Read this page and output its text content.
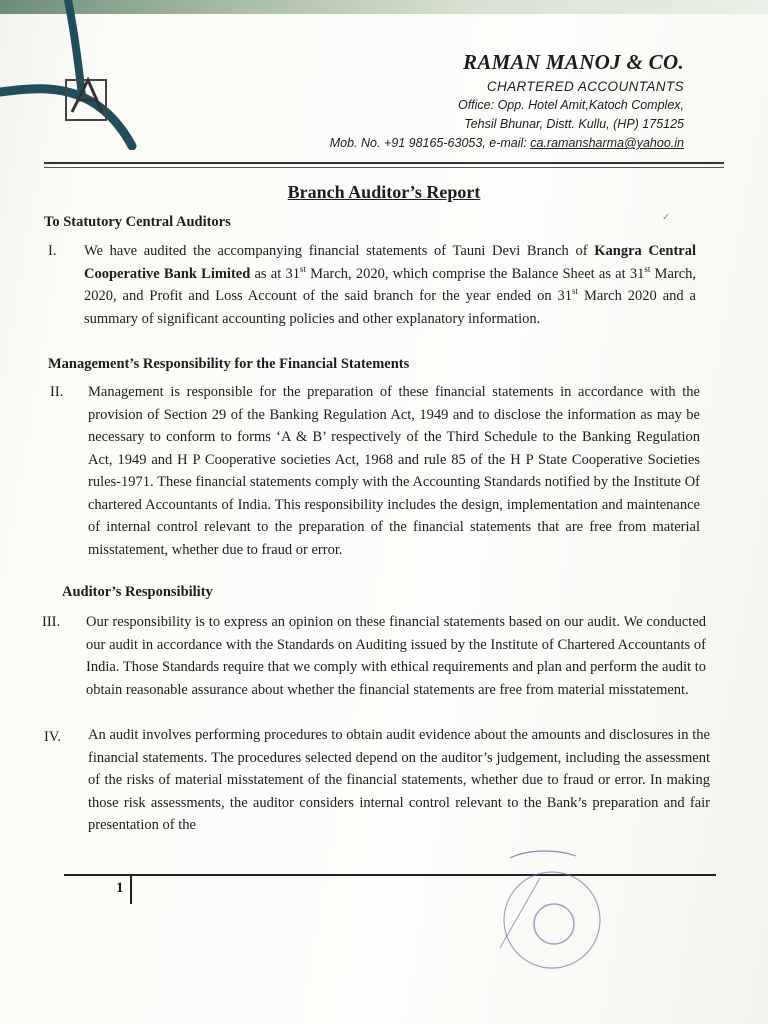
RAMAN MANOJ & CO.
CHARTERED ACCOUNTANTS
Office: Opp. Hotel Amit,Katoch Complex,
Tehsil Bhunar, Distt. Kullu, (HP) 175125
Mob. No. +91 98165-63053, e-mail: ca.ramansharma@yahoo.in
Branch Auditor’s Report
To Statutory Central Auditors	✓
I. We have audited the accompanying financial statements of Tauni Devi Branch of Kangra Central Cooperative Bank Limited as at 31st March, 2020, which comprise the Balance Sheet as at 31st March, 2020, and Profit and Loss Account of the said branch for the year ended on 31st March 2020 and a summary of significant accounting policies and other explanatory information.
Management’s Responsibility for the Financial Statements
II. Management is responsible for the preparation of these financial statements in accordance with the provision of Section 29 of the Banking Regulation Act, 1949 and to disclose the information as may be necessary to conform to forms ‘A & B’ respectively of the Third Schedule to the Banking Regulation Act, 1949 and H P Cooperative societies Act, 1968 and rule 85 of the H P State Cooperative Societies rules-1971. These financial statements comply with the Accounting Standards notified by the Institute Of chartered Accountants of India. This responsibility includes the design, implementation and maintenance of internal control relevant to the preparation of the financial statements that are free from material misstatement, whether due to fraud or error.
Auditor’s Responsibility
III. Our responsibility is to express an opinion on these financial statements based on our audit. We conducted our audit in accordance with the Standards on Auditing issued by the Institute of Chartered Accountants of India. Those Standards require that we comply with ethical requirements and plan and perform the audit to obtain reasonable assurance about whether the financial statements are free from material misstatement.
IV. An audit involves performing procedures to obtain audit evidence about the amounts and disclosures in the financial statements. The procedures selected depend on the auditor’s judgement, including the assessment of the risks of material misstatement of the financial statements, whether due to fraud or error. In making those risk assessments, the auditor considers internal control relevant to the Bank’s preparation and fair presentation of the
1
